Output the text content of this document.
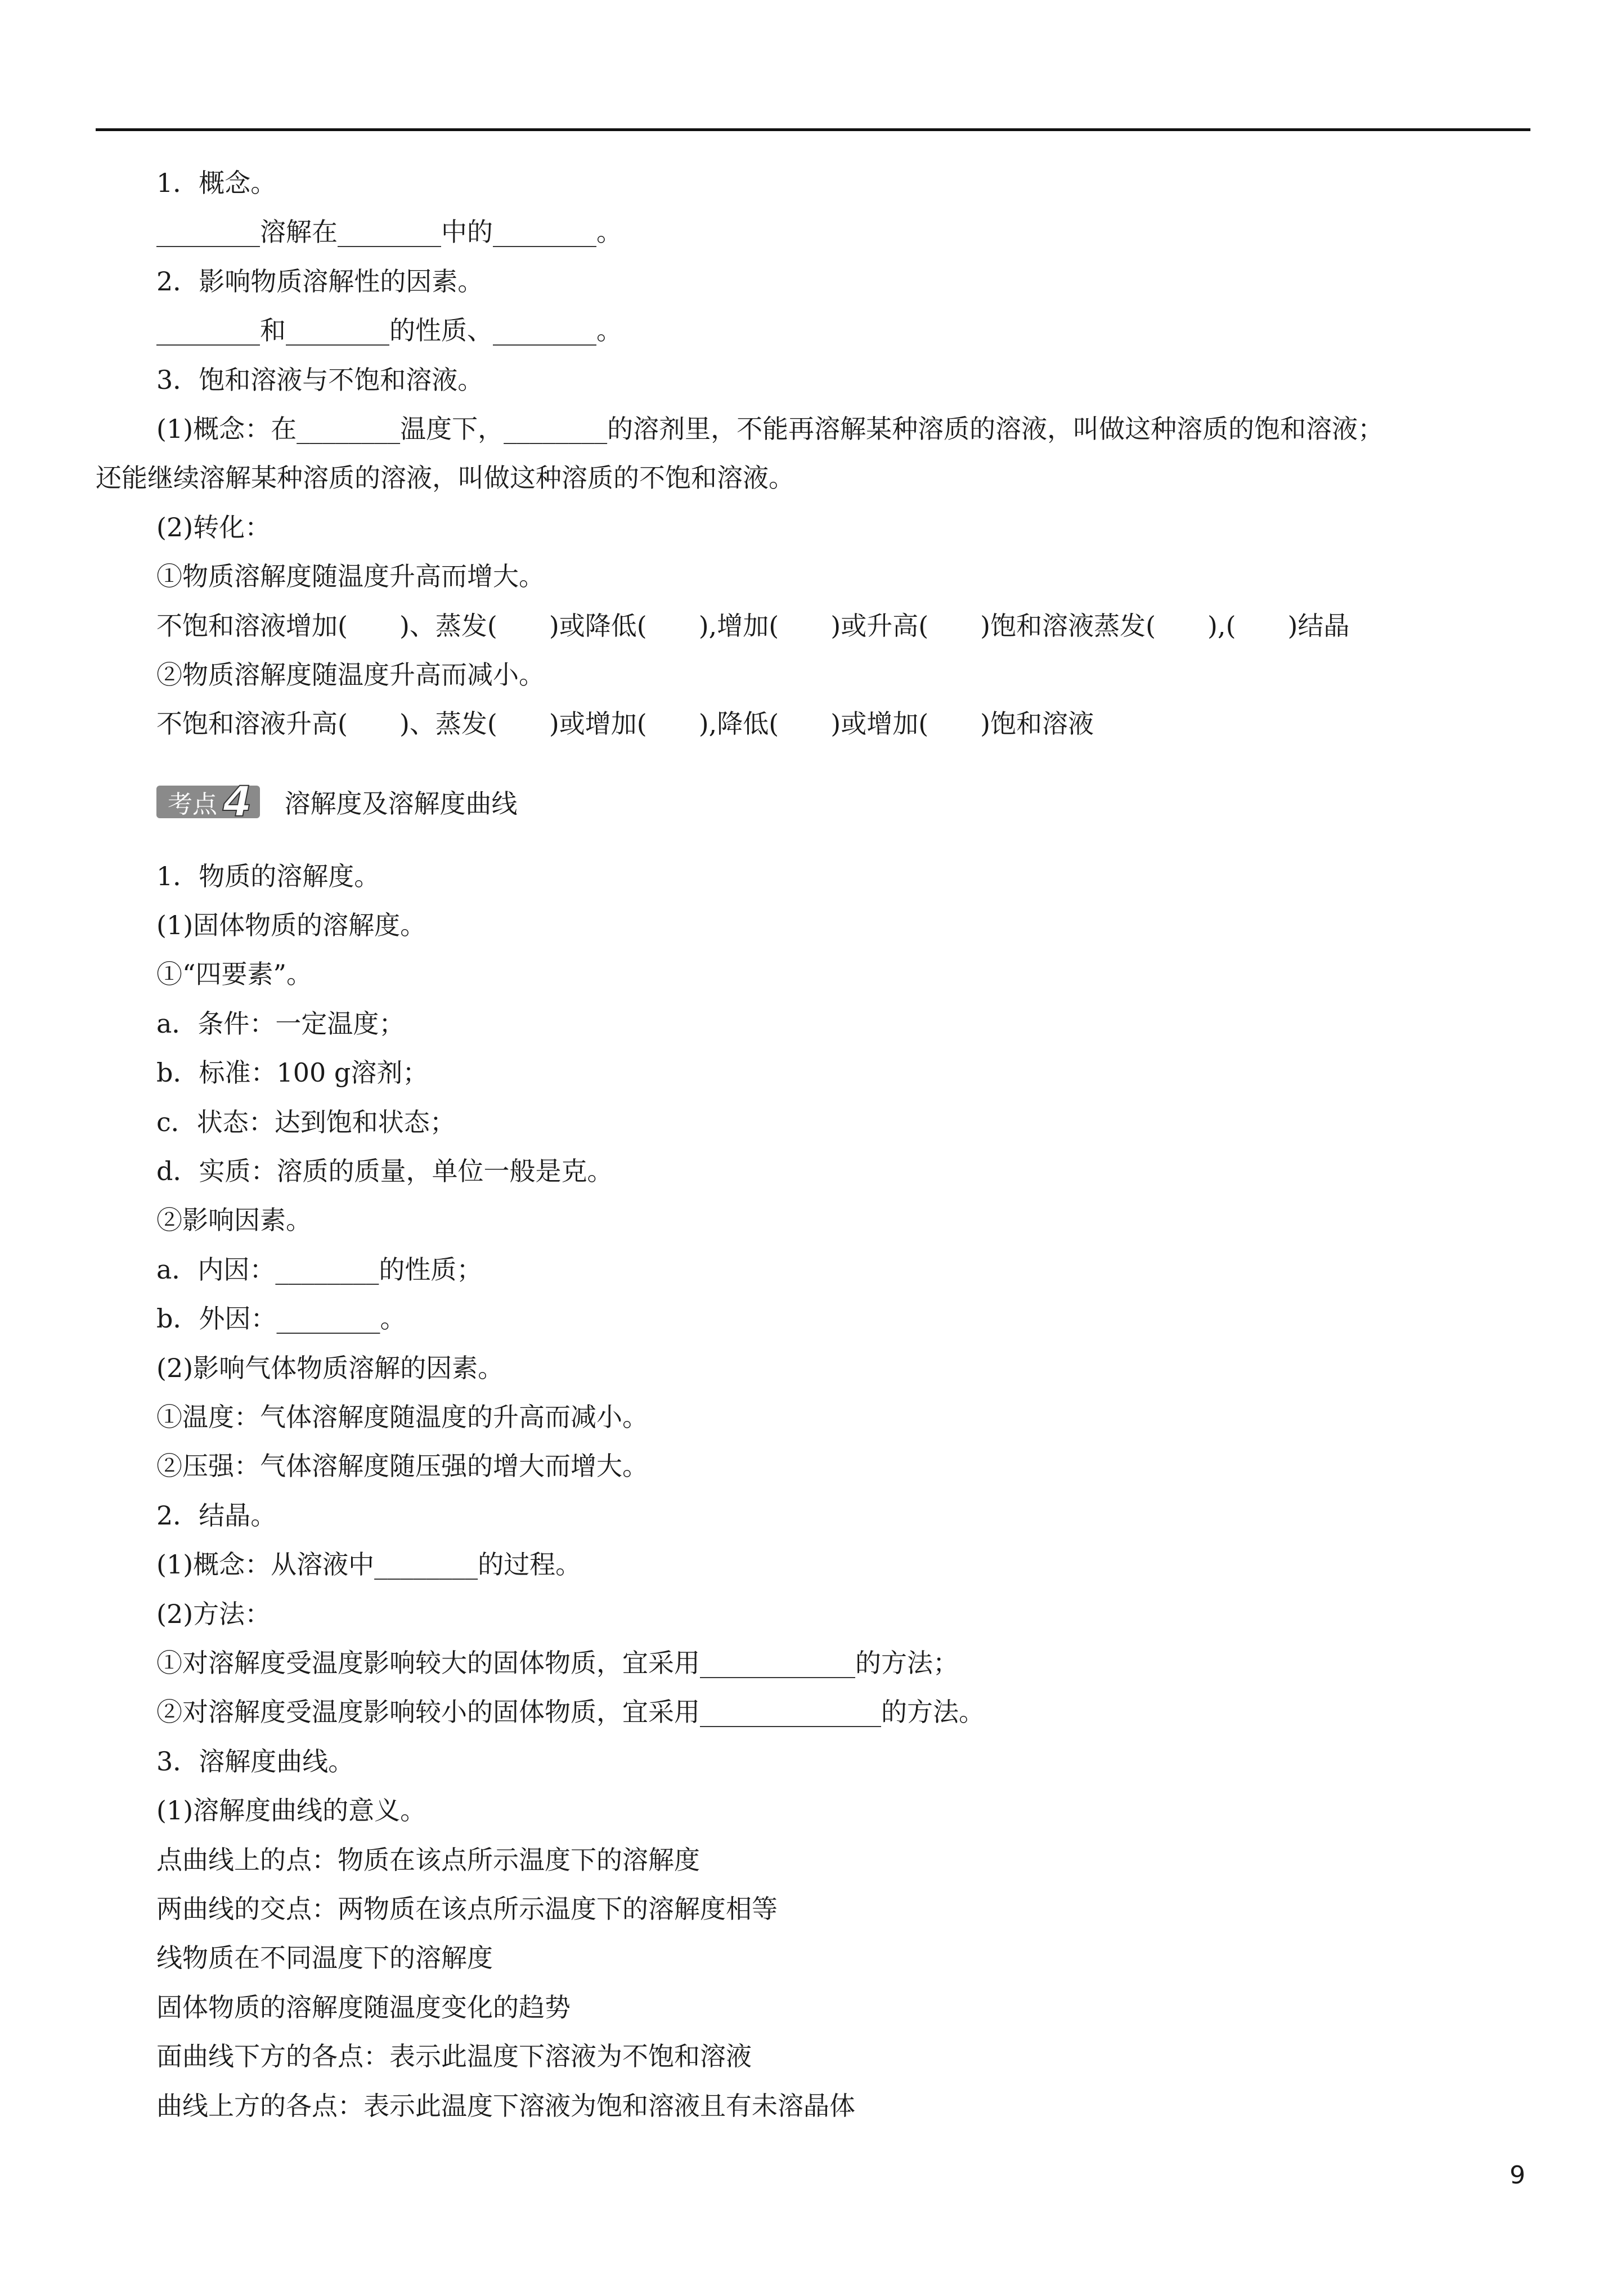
1．概念。
________溶解在________中的________。
2．影响物质溶解性的因素。
________和________的性质、________。
3．饱和溶液与不饱和溶液。
(1)概念：在________温度下，________的溶剂里，不能再溶解某种溶质的溶液，叫做这种溶质的饱和溶液；
还能继续溶解某种溶质的溶液，叫做这种溶质的不饱和溶液。
(2)转化：
①物质溶解度随温度升高而增大。
不饱和溶液增加(　　)、蒸发(　　)或降低(　　),增加(　　)或升高(　　)饱和溶液蒸发(　　),(　　)结晶
②物质溶解度随温度升高而减小。
不饱和溶液升高(　　)、蒸发(　　)或增加(　　),降低(　　)或增加(　　)饱和溶液
考点 4 溶解度及溶解度曲线
1．物质的溶解度。
(1)固体物质的溶解度。
①“四要素”。
a．条件：一定温度；
b．标准：100 g溶剂；
c．状态：达到饱和状态；
d．实质：溶质的质量，单位一般是克。
②影响因素。
a．内因：________的性质；
b．外因：________。
(2)影响气体物质溶解的因素。
①温度：气体溶解度随温度的升高而减小。
②压强：气体溶解度随压强的增大而增大。
2．结晶。
(1)概念：从溶液中________的过程。
(2)方法：
①对溶解度受温度影响较大的固体物质，宜采用____________的方法；
②对溶解度受温度影响较小的固体物质，宜采用______________的方法。
3．溶解度曲线。
(1)溶解度曲线的意义。
点曲线上的点：物质在该点所示温度下的溶解度
两曲线的交点：两物质在该点所示温度下的溶解度相等
线物质在不同温度下的溶解度
固体物质的溶解度随温度变化的趋势
面曲线下方的各点：表示此温度下溶液为不饱和溶液
曲线上方的各点：表示此温度下溶液为饱和溶液且有未溶晶体
9
